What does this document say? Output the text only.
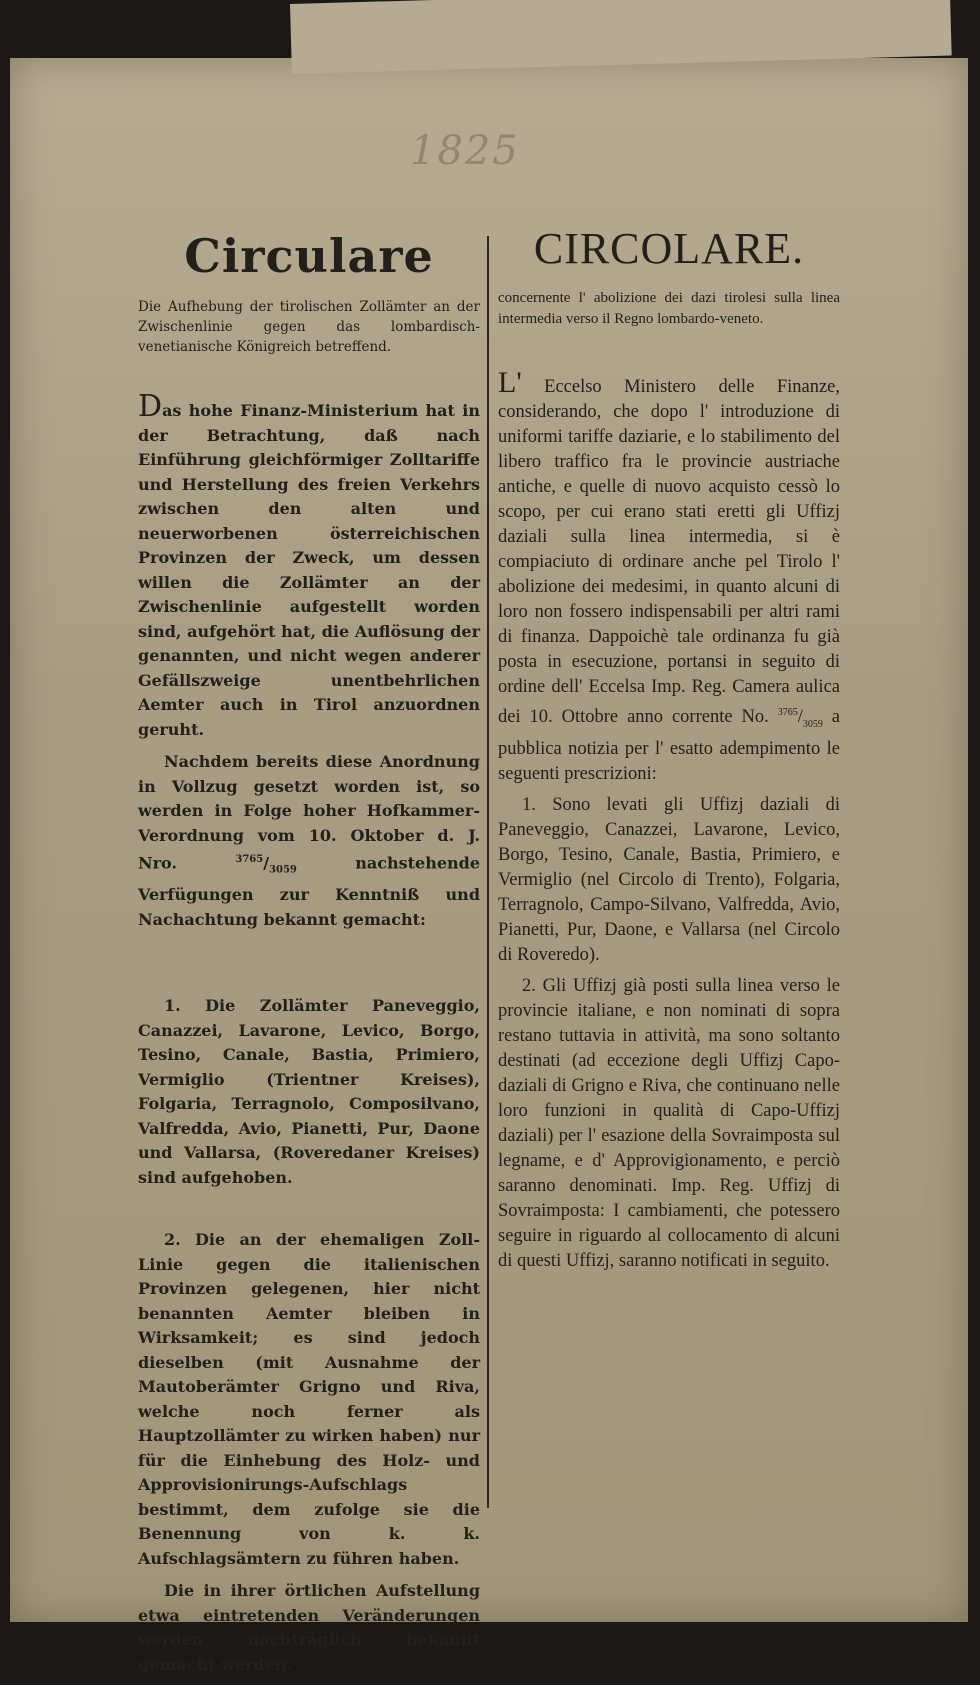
1825
Circulare
Die Aufhebung der tirolischen Zollämter an der Zwischenlinie gegen das lombardisch-venetianische Königreich betreffend.

Das hohe Finanz-Ministerium hat in der Betrachtung, daß nach Einführung gleichförmiger Zolltariffe und Herstellung des freien Verkehrs zwischen den alten und neuerworbenen österreichischen Provinzen der Zweck, um dessen willen die Zollämter an der Zwischenlinie aufgestellt worden sind, aufgehört hat, die Auflösung der genannten, und nicht wegen anderer Gefällszweige unentbehrlichen Aemter auch in Tirol anzuordnen geruht.

Nachdem bereits diese Anordnung in Vollzug gesetzt worden ist, so werden in Folge hoher Hofkammer-Verordnung vom 10. Oktober d. J. Nro.	$^{3765}/_{3059}$	nachstehende Verfügungen zur Kenntniß und Nachachtung bekannt gemacht:

1. Die Zollämter Paneveggio, Canazzei, Lavarone, Levico, Borgo, Tesino, Canale, Bastia, Primiero, Vermiglio (Trientner Kreises), Folgaria, Terragnolo, Composilvano, Valfredda, Avio, Pianetti, Pur, Daone und Vallarsa, (Roveredaner Kreises) sind aufgehoben.

2. Die an der ehemaligen Zoll-Linie gegen die italienischen Provinzen gelegenen, hier nicht benannten Aemter bleiben in Wirksamkeit; es sind jedoch dieselben (mit Ausnahme der Mautoberämter Grigno und Riva, welche noch ferner als Hauptzollämter zu wirken haben) nur für die Einhebung des Holz- und Approvisionirungs-Aufschlags bestimmt, dem zufolge sie die Benennung von k. k. Aufschlagsämtern zu führen haben.

Die in ihrer örtlichen Aufstellung etwa eintretenden Veränderungen werden nachträglich bekannt gemacht werden.

CIRCOLARE.
concernente l' abolizione dei dazi tirolesi sulla linea intermedia verso il Regno lombardo-veneto.

L' Eccelso Ministero delle Finanze, considerando, che dopo l' introduzione di uniformi tariffe daziarie, e lo stabilimento del libero traffico fra le provincie austriache antiche, e quelle di nuovo acquisto cessò lo scopo, per cui erano stati eretti gli Uffizj daziali sulla linea intermedia, si è compiaciuto di ordinare anche pel Tirolo l' abolizione dei medesimi, in quanto alcuni di loro non fossero indispensabili per altri rami di finanza. Dappoichè tale ordinanza fu già posta in esecuzione, portansi in seguito di ordine dell' Eccelsa Imp. Reg. Camera aulica dei 10. Ottobre anno corrente No. $^{3765}/_{3059}$ a pubblica notizia per l' esatto adempimento le seguenti prescrizioni:

1. Sono levati gli Uffizj daziali di Paneveggio, Canazzei, Lavarone, Levico, Borgo, Tesino, Canale, Bastia, Primiero, e Vermiglio (nel Circolo di Trento), Folgaria, Terragnolo, Campo-Silvano, Valfredda, Avio, Pianetti, Pur, Daone, e Vallarsa (nel Circolo di Roveredo).

2. Gli Uffizj già posti sulla linea verso le provincie italiane, e non nominati di sopra restano tuttavia in attività, ma sono soltanto destinati (ad eccezione degli Uffizj Capo-daziali di Grigno e Riva, che continuano nelle loro funzioni in qualità di Capo-Uffizj daziali) per l' esazione della Sovraimposta sul legname, e d' Approvigionamento, e perciò saranno denominati. Imp. Reg. Uffizj di Sovraimposta: I cambiamenti, che potessero seguire in riguardo al collocamento di alcuni di questi Uffizj, saranno notificati in seguito.
